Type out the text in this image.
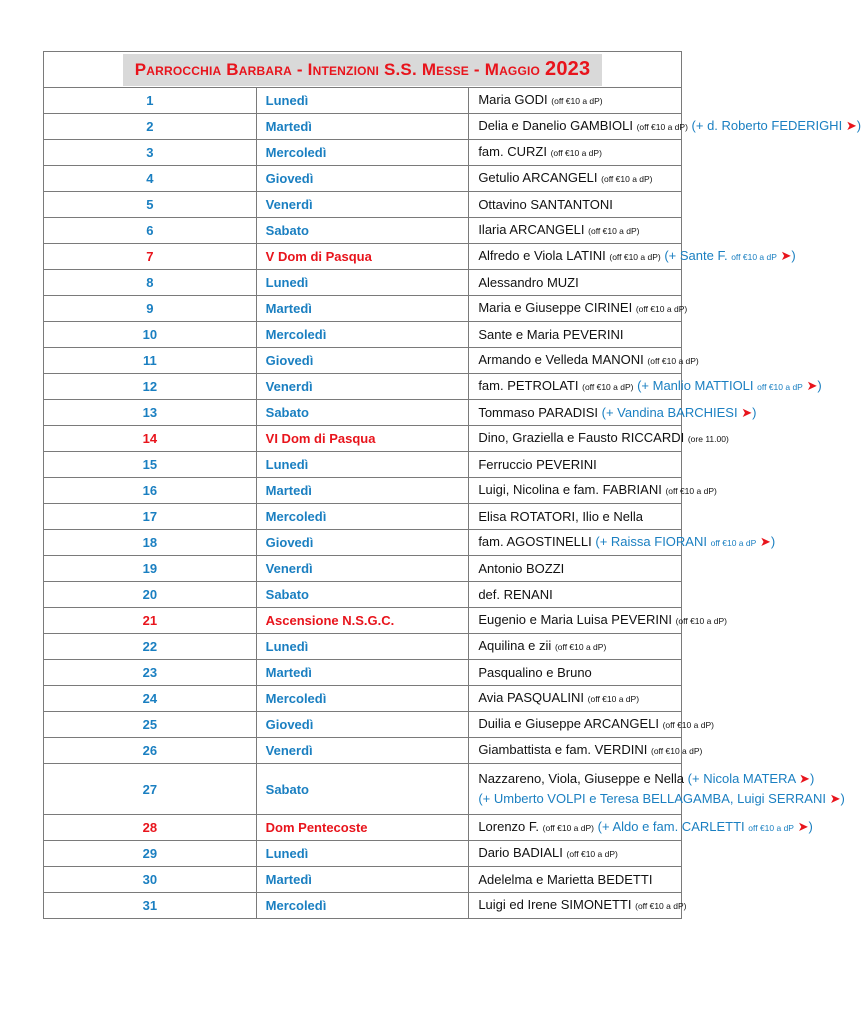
Parrocchia Barbara - Intenzioni S.S. Messe - Maggio 2023		
1	Lunedì	Maria GODI (off €10 a dP)
2	Martedì	Delia e Danelio GAMBIOLI (off €10 a dP) (+ d. Roberto FEDERIGHI ➤)
3	Mercoledì	fam. CURZI (off €10 a dP)
4	Giovedì	Getulio ARCANGELI (off €10 a dP)
5	Venerdì	Ottavino SANTANTONI
6	Sabato	Ilaria ARCANGELI (off €10 a dP)
7	V Dom di Pasqua	Alfredo e Viola LATINI (off €10 a dP) (+ Sante F. off €10 a dP ➤)
8	Lunedì	Alessandro MUZI
9	Martedì	Maria e Giuseppe CIRINEI (off €10 a dP)
10	Mercoledì	Sante e Maria PEVERINI
11	Giovedì	Armando e Velleda MANONI (off €10 a dP)
12	Venerdì	fam. PETROLATI (off €10 a dP) (+ Manlio MATTIOLI off €10 a dP ➤)
13	Sabato	Tommaso PARADISI (+ Vandina BARCHIESI ➤)
14	VI Dom di Pasqua	Dino, Graziella e Fausto RICCARDI (ore 11.00)
15	Lunedì	Ferruccio PEVERINI
16	Martedì	Luigi, Nicolina e fam. FABRIANI (off €10 a dP)
17	Mercoledì	Elisa ROTATORI, Ilio e Nella
18	Giovedì	fam. AGOSTINELLI (+ Raissa FIORANI off €10 a dP ➤)
19	Venerdì	Antonio BOZZI
20	Sabato	def. RENANI
21	Ascensione N.S.G.C.	Eugenio e Maria Luisa PEVERINI (off €10 a dP)
22	Lunedì	Aquilina e zii (off €10 a dP)
23	Martedì	Pasqualino e Bruno
24	Mercoledì	Avia PASQUALINI (off €10 a dP)
25	Giovedì	Duilia e Giuseppe ARCANGELI (off €10 a dP)
26	Venerdì	Giambattista e fam. VERDINI (off €10 a dP)
27	Sabato	Nazzareno, Viola, Giuseppe e Nella (+ Nicola MATERA ➤)
(+ Umberto VOLPI e Teresa BELLAGAMBA, Luigi SERRANI ➤)
28	Dom Pentecoste	Lorenzo F. (off €10 a dP) (+ Aldo e fam. CARLETTI off €10 a dP ➤)
29	Lunedì	Dario BADIALI (off €10 a dP)
30	Martedì	Adelelma e Marietta BEDETTI
31	Mercoledì	Luigi ed Irene SIMONETTI (off €10 a dP)
